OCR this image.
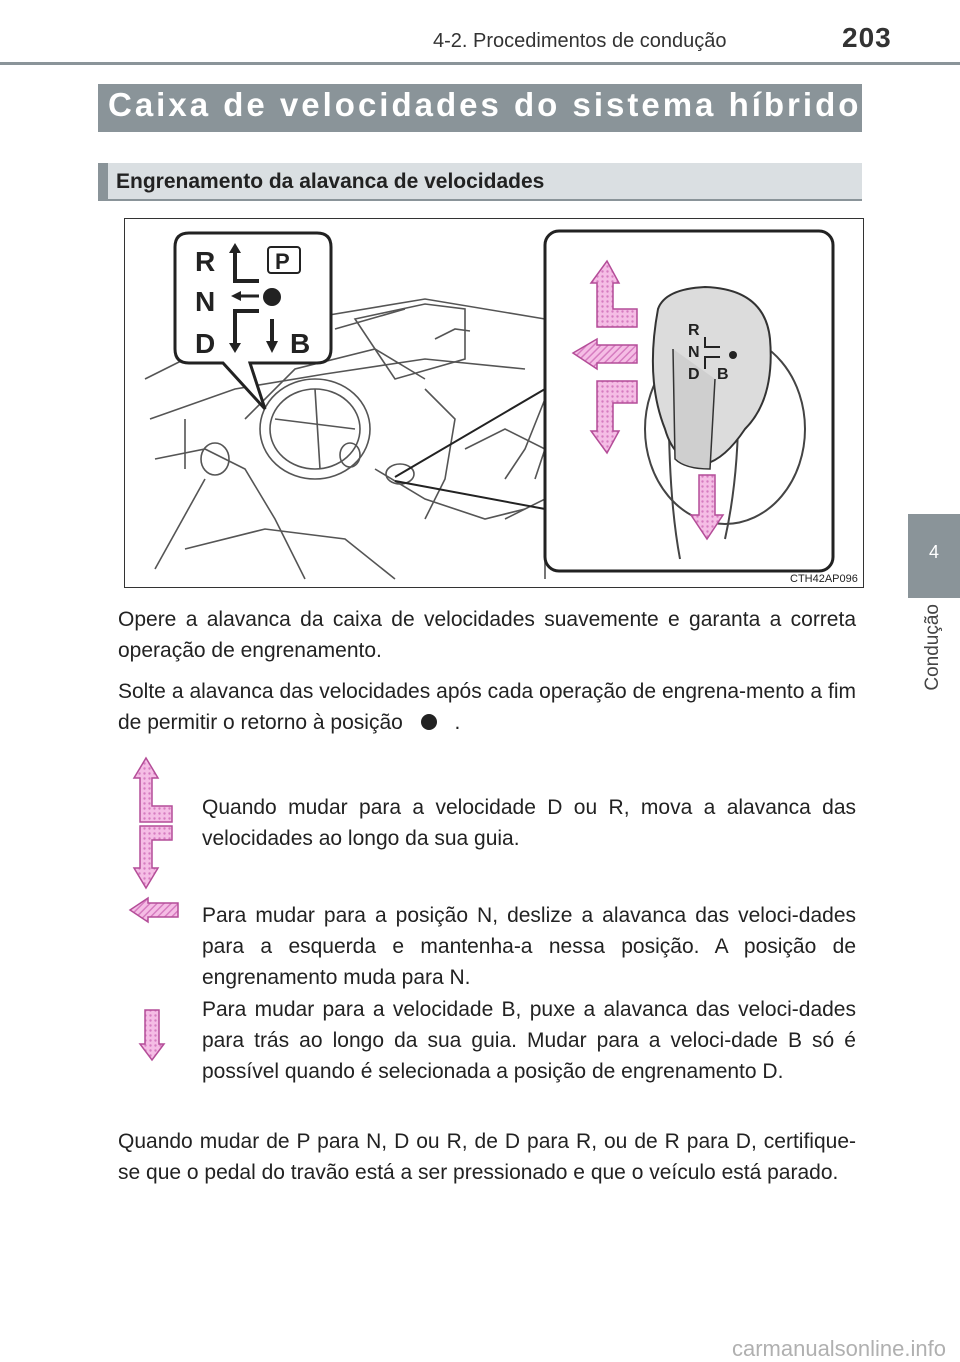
4-2. Procedimentos de condução	203
4
Condução
Caixa de velocidades do sistema híbrido
Engrenamento da alavanca de velocidades
R	P
N
D	B	R
N
D B
CTH42AP096
Opere a alavanca da caixa de velocidades suavemente e garanta a correta operação de engrenamento.
Solte a alavanca das velocidades após cada operação de engrena-mento a fim de permitir o retorno à posição .
Quando mudar para a velocidade D ou R, mova a alavanca das velocidades ao longo da sua guia.
Para mudar para a posição N, deslize a alavanca das veloci-dades para a esquerda e mantenha-a nessa posição. A posição de engrenamento muda para N.
Para mudar para a velocidade B, puxe a alavanca das veloci-dades para trás ao longo da sua guia. Mudar para a veloci-dade B só é possível quando é selecionada a posição de engrenamento D.
Quando mudar de P para N, D ou R, de D para R, ou de R para D, certifique-se que o pedal do travão está a ser pressionado e que o veículo está parado.
carmanualsonline.info
